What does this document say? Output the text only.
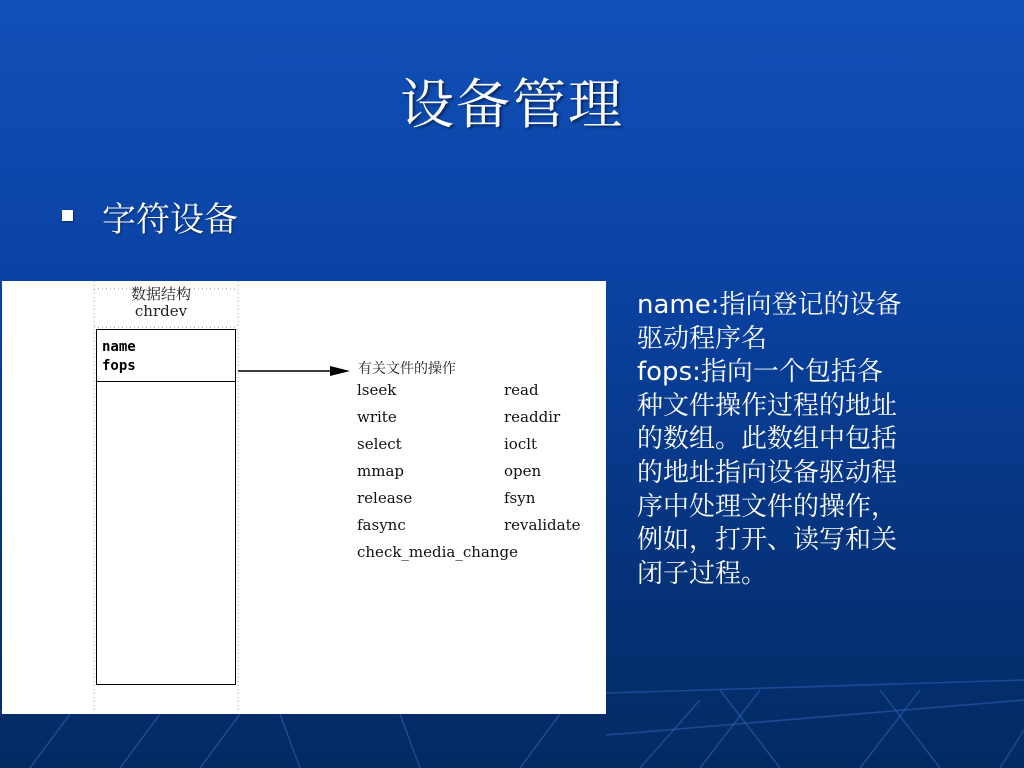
设备管理
字符设备
数据结构
chrdev
name
fops	有关文件的操作
lseek
write
select
mmap
release
fasync
check_media_change
read
readdir
ioclt
open
fsyn
revalidate

name:指向登记的设备

驱动程序名

fops:指向一个包括各

种文件操作过程的地址

的数组。此数组中包括

的地址指向设备驱动程

序中处理文件的操作，

例如，打开、读写和关

闭子过程。
